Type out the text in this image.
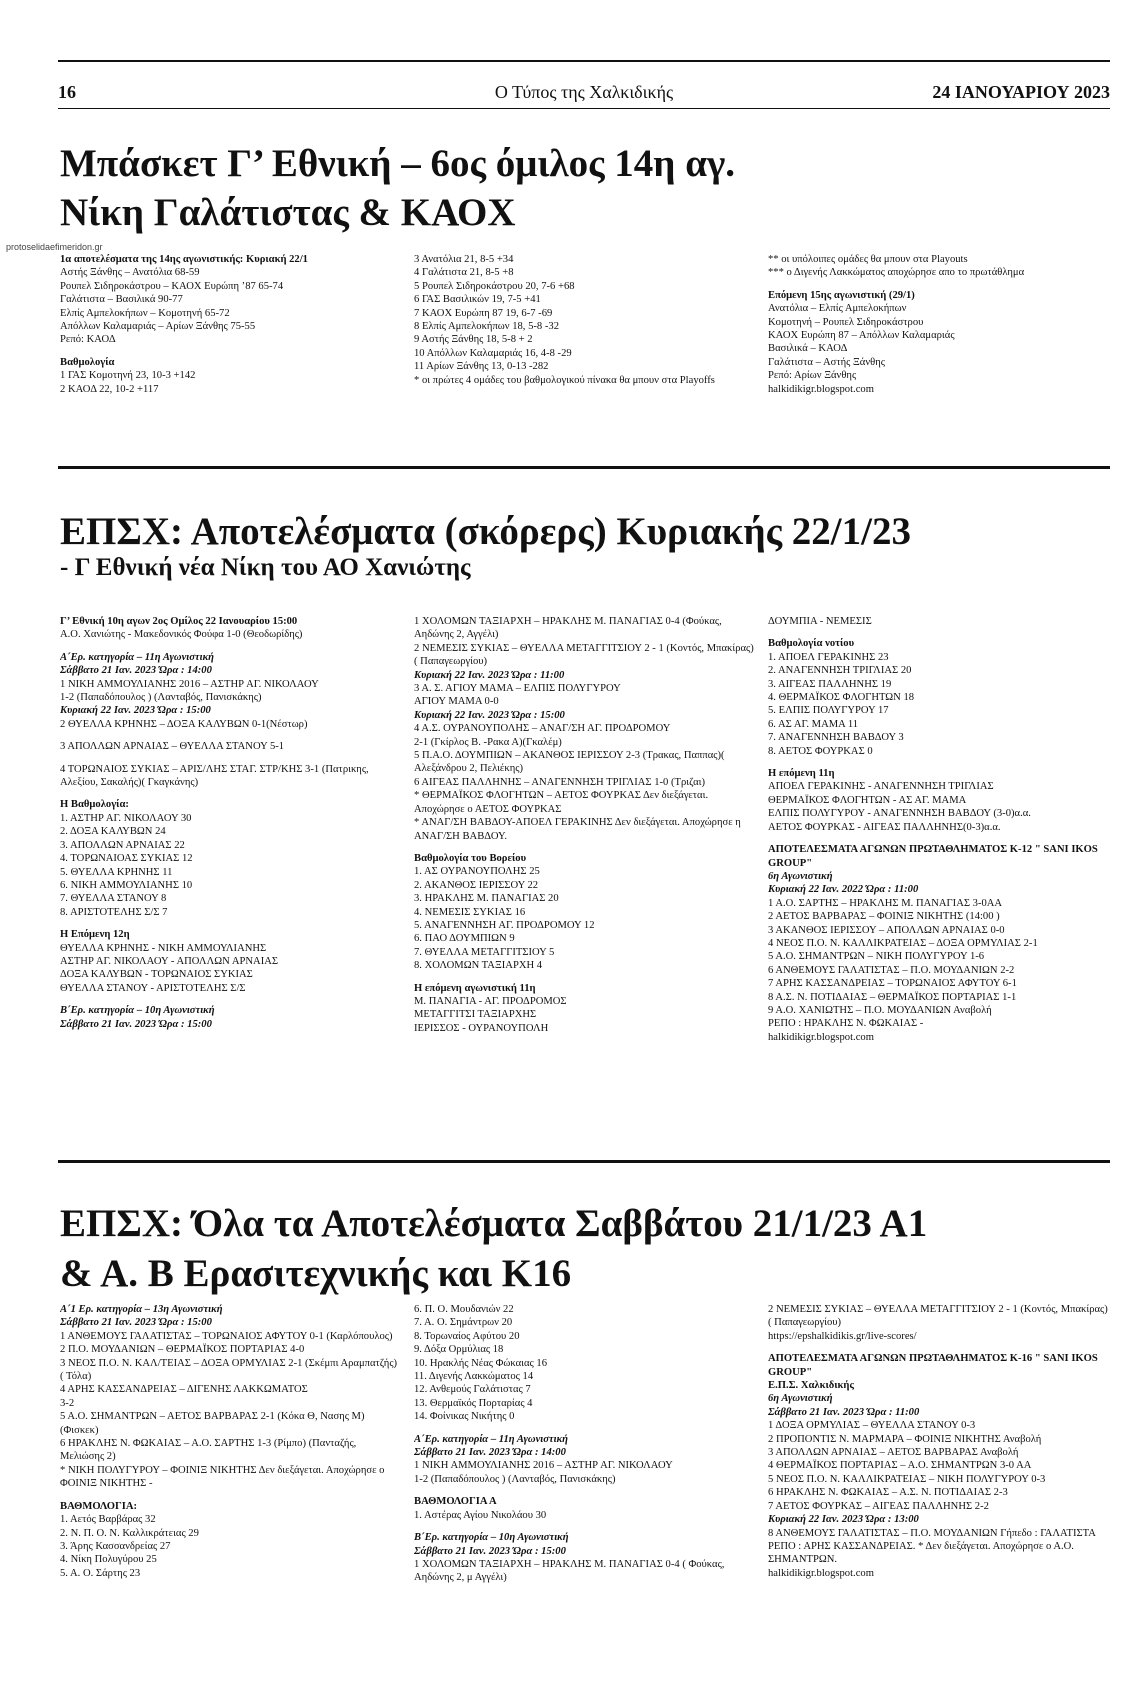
16	Ο Τύπος της Χαλκιδικής	24 ΙΑΝΟΥΑΡΙΟΥ 2023
protoselidaefimeridon.gr
Μπάσκετ Γ’ Εθνική – 6ος όμιλος 14η αγ.
Νίκη Γαλάτιστας & ΚΑΟΧ
1α αποτελέσματα της 14ης αγωνιστικής: Κυριακή 22/1
Αστής Ξάνθης – Ανατόλια 68-59
Ρουπελ Σιδηροκάστρου – ΚΑΟΧ Ευρώπη ’87 65-74
Γαλάτιστα – Βασιλικά 90-77
Ελπίς Αμπελοκήπων – Κομοτηνή 65-72
Απόλλων Καλαμαριάς – Αρίων Ξάνθης 75-55
Ρεπό: ΚΑΟΔ
Βαθμολογία
1 ΓΑΣ Κομοτηνή 23, 10-3 +142
2 ΚΑΟΔ 22, 10-2 +117
3 Ανατόλια 21, 8-5 +34
4 Γαλάτιστα 21, 8-5 +8
5 Ρουπελ Σιδηροκάστρου 20, 7-6 +68
6 ΓΑΣ Βασιλικών 19, 7-5 +41
7 ΚΑΟΧ Ευρώπη 87 19, 6-7 -69
8 Ελπίς Αμπελοκήπων 18, 5-8 -32
9 Αστής Ξάνθης 18, 5-8 + 2
10 Απόλλων Καλαμαριάς 16, 4-8 -29
11 Αρίων Ξάνθης 13, 0-13 -282
* οι πρώτες 4 ομάδες του βαθμολογικού πίνακα θα μπουν στα Playoffs
** οι υπόλοιπες ομάδες θα μπουν στα Playouts
*** ο Διγενής Λακκώματος αποχώρησε απο το πρωτάθλημα
Επόμενη 15ης αγωνιστική (29/1)
Ανατόλια – Ελπίς Αμπελοκήπων
Κομοτηνή – Ρουπελ Σιδηροκάστρου
ΚΑΟΧ Ευρώπη 87 – Απόλλων Καλαμαριάς
Βασιλικά – ΚΑΟΔ
Γαλάτιστα – Αστής Ξάνθης
Ρεπό: Αρίων Ξάνθης
halkidikigr.blogspot.com
ΕΠΣΧ: Αποτελέσματα (σκόρερς) Κυριακής 22/1/23
- Γ Εθνική νέα Νίκη του ΑΟ Χανιώτης
Γ’ Εθνική 10η αγων 2ος Ομίλος 22 Ιανουαρίου 15:00
Α.Ο. Χανιώτης - Μακεδονικός Φούφα 1-0 (Θεοδωρίδης)
Α΄Ερ. κατηγορία – 11η Αγωνιστική
Σάββατο 21 Ιαν. 2023 Ώρα : 14:00
1 ΝΙΚΗ ΑΜΜΟΥΛΙΑΝΗΣ 2016 – ΑΣΤΗΡ ΑΓ. ΝΙΚΟΛΑΟΥ
1-2 (Παπαδόπουλος ) (Λανταβός, Πανισκάκης)
Κυριακή 22 Ιαν. 2023 Ώρα : 15:00
2 ΘΥΕΛΛΑ ΚΡΗΝΗΣ – ΔΟΞΑ ΚΑΛΥΒΩΝ 0-1(Νέστωρ)
3 ΑΠΟΛΛΩΝ ΑΡΝΑΙΑΣ – ΘΥΕΛΛΑ ΣΤΑΝΟΥ 5-1
4 ΤΟΡΩΝΑΙΟΣ ΣΥΚΙΑΣ – ΑΡΙΣ/ΛΗΣ ΣΤΑΓ. ΣΤΡ/ΚΗΣ 3-1 (Πατρικης, Αλεξίου, Σακαλής)( Γκαγκάνης)
Η Βαθμολογία:
1. ΑΣΤΗΡ ΑΓ. ΝΙΚΟΛΑΟΥ 30
2. ΔΟΞΑ ΚΑΛΥΒΩΝ 24
3. ΑΠΟΛΛΩΝ ΑΡΝΑΙΑΣ 22
4. ΤΟΡΩΝΑΙΟΑΣ ΣΥΚΙΑΣ 12
5. ΘΥΕΛΛΑ ΚΡΗΝΗΣ 11
6. ΝΙΚΗ ΑΜΜΟΥΛΙΑΝΗΣ 10
7. ΘΥΕΛΛΑ ΣΤΑΝΟΥ 8
8. ΑΡΙΣΤΟΤΕΛΗΣ Σ/Σ 7
Η Επόμενη 12η
ΘΥΕΛΛΑ ΚΡΗΝΗΣ - ΝΙΚΗ ΑΜΜΟΥΛΙΑΝΗΣ
ΑΣΤΗΡ ΑΓ. ΝΙΚΟΛΑΟΥ - ΑΠΟΛΛΩΝ ΑΡΝΑΙΑΣ
ΔΟΞΑ ΚΑΛΥΒΩΝ - ΤΟΡΩΝΑΙΟΣ ΣΥΚΙΑΣ
ΘΥΕΛΛΑ ΣΤΑΝΟΥ - ΑΡΙΣΤΟΤΕΛΗΣ Σ/Σ
Β΄Ερ. κατηγορία – 10η Αγωνιστική
Σάββατο 21 Ιαν. 2023 Ώρα : 15:00
1 ΧΟΛΟΜΩΝ ΤΑΞΙΑΡΧΗ – ΗΡΑΚΛΗΣ Μ. ΠΑΝΑΓΙΑΣ 0-4 (Φούκας, Αηδώνης 2, Αγγέλι)
2 ΝΕΜΕΣΙΣ ΣΥΚΙΑΣ – ΘΥΕΛΛΑ ΜΕΤΑΓΓΙΤΣΙΟΥ 2 - 1 (Κοντός, Μπακίρας) ( Παπαγεωργίου)
Κυριακή 22 Ιαν. 2023 Ώρα : 11:00
3 Α. Σ. ΑΓΙΟΥ ΜΑΜΑ – ΕΛΠΙΣ ΠΟΛΥΓΥΡΟΥ
ΑΓΙΟΥ ΜΑΜΑ 0-0
Κυριακή 22 Ιαν. 2023 Ώρα : 15:00
4 Α.Σ. ΟΥΡΑΝΟΥΠΟΛΗΣ – ΑΝΑΓ/ΣΗ ΑΓ. ΠΡΟΔΡΟΜΟΥ
2-1 (Γκίρλος Β. -Ρακα Α)(Γκαλέμ)
5 Π.Α.Ο. ΔΟΥΜΠΙΩΝ – ΑΚΑΝΘΟΣ ΙΕΡΙΣΣΟΥ 2-3 (Τρακας, Παππας)( Αλεξάνδρου 2, Πελιέκης)
6 ΑΙΓΕΑΣ ΠΑΛΛΗΝΗΣ – ΑΝΑΓΕΝΝΗΣΗ ΤΡΙΓΛΙΑΣ 1-0 (Τριζαι)
* ΘΕΡΜΑΪΚΟΣ ΦΛΟΓΗΤΩΝ – ΑΕΤΟΣ ΦΟΥΡΚΑΣ Δεν διεξάγεται. Αποχώρησε ο ΑΕΤΟΣ ΦΟΥΡΚΑΣ
* ΑΝΑΓ/ΣΗ ΒΑΒΔΟΥ-ΑΠΟΕΛ ΓΕΡΑΚΙΝΗΣ Δεν διεξάγεται. Αποχώρησε η ΑΝΑΓ/ΣΗ ΒΑΒΔΟΥ.
Βαθμολογία του Βορείου
1. ΑΣ ΟΥΡΑΝΟΥΠΟΛΗΣ 25
2. ΑΚΑΝΘΟΣ ΙΕΡΙΣΣΟΥ 22
3. ΗΡΑΚΛΗΣ Μ. ΠΑΝΑΓΙΑΣ 20
4. ΝΕΜΕΣΙΣ ΣΥΚΙΑΣ 16
5. ΑΝΑΓΕΝΝΗΣΗ ΑΓ. ΠΡΟΔΡΟΜΟΥ 12
6. ΠΑΟ ΔΟΥΜΠΙΩΝ 9
7. ΘΥΕΛΛΑ ΜΕΤΑΓΓΙΤΣΙΟΥ 5
8. ΧΟΛΟΜΩΝ ΤΑΞΙΑΡΧΗ 4
Η επόμενη αγωνιστική 11η
Μ. ΠΑΝΑΓΙΑ - ΑΓ. ΠΡΟΔΡΟΜΟΣ
ΜΕΤΑΓΓΙΤΣΙ ΤΑΞΙΑΡΧΗΣ
ΙΕΡΙΣΣΟΣ - ΟΥΡΑΝΟΥΠΟΛΗ
ΔΟΥΜΠΙΑ - ΝΕΜΕΣΙΣ
Βαθμολογία νοτίου
1. ΑΠΟΕΛ ΓΕΡΑΚΙΝΗΣ 23
2. ΑΝΑΓΕΝΝΗΣΗ ΤΡΙΓΛΙΑΣ 20
3. ΑΙΓΕΑΣ ΠΑΛΛΗΝΗΣ 19
4. ΘΕΡΜΑΪΚΟΣ ΦΛΟΓΗΤΩΝ 18
5. ΕΛΠΙΣ ΠΟΛΥΓΥΡΟΥ 17
6. ΑΣ ΑΓ. ΜΑΜΑ 11
7. ΑΝΑΓΕΝΝΗΣΗ ΒΑΒΔΟΥ 3
8. ΑΕΤΟΣ ΦΟΥΡΚΑΣ 0
Η επόμενη 11η
ΑΠΟΕΛ ΓΕΡΑΚΙΝΗΣ - ΑΝΑΓΕΝΝΗΣΗ ΤΡΙΓΛΙΑΣ
ΘΕΡΜΑΪΚΟΣ ΦΛΟΓΗΤΩΝ - ΑΣ ΑΓ. ΜΑΜΑ
ΕΛΠΙΣ ΠΟΛΥΓΥΡΟΥ - ΑΝΑΓΕΝΝΗΣΗ ΒΑΒΔΟΥ (3-0)α.α.
ΑΕΤΟΣ ΦΟΥΡΚΑΣ - ΑΙΓΕΑΣ ΠΑΛΛΗΝΗΣ(0-3)α.α.
ΑΠΟΤΕΛΕΣΜΑΤΑ ΑΓΩΝΩΝ ΠΡΩΤΑΘΛΗΜΑΤΟΣ Κ-12 " SANI IKOS GROUP"
6η Αγωνιστική
Κυριακή 22 Ιαν. 2022 Ώρα : 11:00
1 Α.Ο. ΣΑΡΤΗΣ – ΗΡΑΚΛΗΣ Μ. ΠΑΝΑΓΙΑΣ 3-0ΑΑ
2 ΑΕΤΟΣ ΒΑΡΒΑΡΑΣ – ΦΟΙΝΙΞ ΝΙΚΗΤΗΣ (14:00 )
3 ΑΚΑΝΘΟΣ ΙΕΡΙΣΣΟΥ – ΑΠΟΛΛΩΝ ΑΡΝΑΙΑΣ 0-0
4 ΝΕΟΣ Π.Ο. Ν. ΚΑΛΛΙΚΡΑΤΕΙΑΣ – ΔΟΞΑ ΟΡΜΥΛΙΑΣ 2-1
5 Α.Ο. ΣΗΜΑΝΤΡΩΝ – ΝΙΚΗ ΠΟΛΥΓΥΡΟΥ 1-6
6 ΑΝΘΕΜΟΥΣ ΓΑΛΑΤΙΣΤΑΣ – Π.Ο. ΜΟΥΔΑΝΙΩΝ 2-2
7 ΑΡΗΣ ΚΑΣΣΑΝΔΡΕΙΑΣ – ΤΟΡΩΝΑΙΟΣ ΑΦΥΤΟΥ 6-1
8 Α.Σ. Ν. ΠΟΤΙΔΑΙΑΣ – ΘΕΡΜΑΪΚΟΣ ΠΟΡΤΑΡΙΑΣ 1-1
9 Α.Ο. ΧΑΝΙΩΤΗΣ – Π.Ο. ΜΟΥΔΑΝΙΩΝ Αναβολή
ΡΕΠΟ : ΗΡΑΚΛΗΣ Ν. ΦΩΚΑΙΑΣ -
halkidikigr.blogspot.com
ΕΠΣΧ: Όλα τα Αποτελέσματα Σαββάτου 21/1/23 Α1
& Α. Β Ερασιτεχνικής και Κ16
Α΄1 Ερ. κατηγορία – 13η Αγωνιστική
Σάββατο 21 Ιαν. 2023 Ώρα : 15:00
1 ΑΝΘΕΜΟΥΣ ΓΑΛΑΤΙΣΤΑΣ – ΤΟΡΩΝΑΙΟΣ ΑΦΥΤΟΥ 0-1 (Καρλόπουλος)
2 Π.Ο. ΜΟΥΔΑΝΙΩΝ – ΘΕΡΜΑΪΚΟΣ ΠΟΡΤΑΡΙΑΣ 4-0
3 ΝΕΟΣ Π.Ο. Ν. ΚΑΛ/ΤΕΙΑΣ – ΔΟΞΑ ΟΡΜΥΛΙΑΣ 2-1 (Σκέμπι Αραμπατζής) ( Τόλα)
4 ΑΡΗΣ ΚΑΣΣΑΝΔΡΕΙΑΣ – ΔΙΓΕΝΗΣ ΛΑΚΚΩΜΑΤΟΣ
3-2
5 Α.Ο. ΣΗΜΑΝΤΡΩΝ – ΑΕΤΟΣ ΒΑΡΒΑΡΑΣ 2-1 (Κόκα Θ, Νασης Μ) (Φισκεκ)
6 ΗΡΑΚΛΗΣ Ν. ΦΩΚΑΙΑΣ – Α.Ο. ΣΑΡΤΗΣ 1-3 (Ρίμπο) (Πανταζής, Μελιώσης 2)
* ΝΙΚΗ ΠΟΛΥΓΥΡΟΥ – ΦΟΙΝΙΞ ΝΙΚΗΤΗΣ Δεν διεξάγεται. Αποχώρησε ο ΦΟΙΝΙΞ ΝΙΚΗΤΗΣ -
ΒΑΘΜΟΛΟΓΙΑ:
1. Αετός Βαρβάρας 32
2. Ν. Π. Ο. Ν. Καλλικράτειας 29
3. Άρης Κασσανδρείας 27
4. Νίκη Πολυγύρου 25
5. Α. Ο. Σάρτης 23
6. Π. Ο. Μουδανιών 22
7. Α. Ο. Σημάντρων 20
8. Τορωναίος Αφύτου 20
9. Δόξα Ορμύλιας 18
10. Ηρακλής Νέας Φώκαιας 16
11. Διγενής Λακκώματος 14
12. Ανθεμούς Γαλάτιστας 7
13. Θερμαϊκός Πορταρίας 4
14. Φοίνικας Νικήτης 0
Α΄Ερ. κατηγορία – 11η Αγωνιστική
Σάββατο 21 Ιαν. 2023 Ώρα : 14:00
1 ΝΙΚΗ ΑΜΜΟΥΛΙΑΝΗΣ 2016 – ΑΣΤΗΡ ΑΓ. ΝΙΚΟΛΑΟΥ
1-2 (Παπαδόπουλος ) (Λανταβός, Πανισκάκης)
ΒΑΘΜΟΛΟΓΙΑ Α
1. Αστέρας Αγίου Νικολάου 30
Β΄Ερ. κατηγορία – 10η Αγωνιστική
Σάββατο 21 Ιαν. 2023 Ώρα : 15:00
1 ΧΟΛΟΜΩΝ ΤΑΞΙΑΡΧΗ – ΗΡΑΚΛΗΣ Μ. ΠΑΝΑΓΙΑΣ 0-4 ( Φούκας, Αηδώνης 2, μ Αγγέλι)
2 ΝΕΜΕΣΙΣ ΣΥΚΙΑΣ – ΘΥΕΛΛΑ ΜΕΤΑΓΓΙΤΣΙΟΥ 2 - 1 (Κοντός, Μπακίρας) ( Παπαγεωργίου)
https://epshalkidikis.gr/live-scores/
ΑΠΟΤΕΛΕΣΜΑΤΑ ΑΓΩΝΩΝ ΠΡΩΤΑΘΛΗΜΑΤΟΣ Κ-16 " SANI IKOS GROUP"
Ε.Π.Σ. Χαλκιδικής
6η Αγωνιστική
Σάββατο 21 Ιαν. 2023 Ώρα : 11:00
1 ΔΟΞΑ ΟΡΜΥΛΙΑΣ – ΘΥΕΛΛΑ ΣΤΑΝΟΥ 0-3
2 ΠΡΟΠΟΝΤΙΣ Ν. ΜΑΡΜΑΡΑ – ΦΟΙΝΙΞ ΝΙΚΗΤΗΣ Αναβολή
3 ΑΠΟΛΛΩΝ ΑΡΝΑΙΑΣ – ΑΕΤΟΣ ΒΑΡΒΑΡΑΣ Αναβολή
4 ΘΕΡΜΑΪΚΟΣ ΠΟΡΤΑΡΙΑΣ – Α.Ο. ΣΗΜΑΝΤΡΩΝ 3-0 ΑΑ
5 ΝΕΟΣ Π.Ο. Ν. ΚΑΛΛΙΚΡΑΤΕΙΑΣ – ΝΙΚΗ ΠΟΛΥΓΥΡΟΥ 0-3
6 ΗΡΑΚΛΗΣ Ν. ΦΩΚΑΙΑΣ – Α.Σ. Ν. ΠΟΤΙΔΑΙΑΣ 2-3
7 ΑΕΤΟΣ ΦΟΥΡΚΑΣ – ΑΙΓΕΑΣ ΠΑΛΛΗΝΗΣ 2-2
Κυριακή 22 Ιαν. 2023 Ώρα : 13:00
8 ΑΝΘΕΜΟΥΣ ΓΑΛΑΤΙΣΤΑΣ – Π.Ο. ΜΟΥΔΑΝΙΩΝ Γήπεδο : ΓΑΛΑΤΙΣΤΑ
ΡΕΠΟ : ΑΡΗΣ ΚΑΣΣΑΝΔΡΕΙΑΣ. * Δεν διεξάγεται. Αποχώρησε ο Α.Ο. ΣΗΜΑΝΤΡΩΝ.
halkidikigr.blogspot.com
